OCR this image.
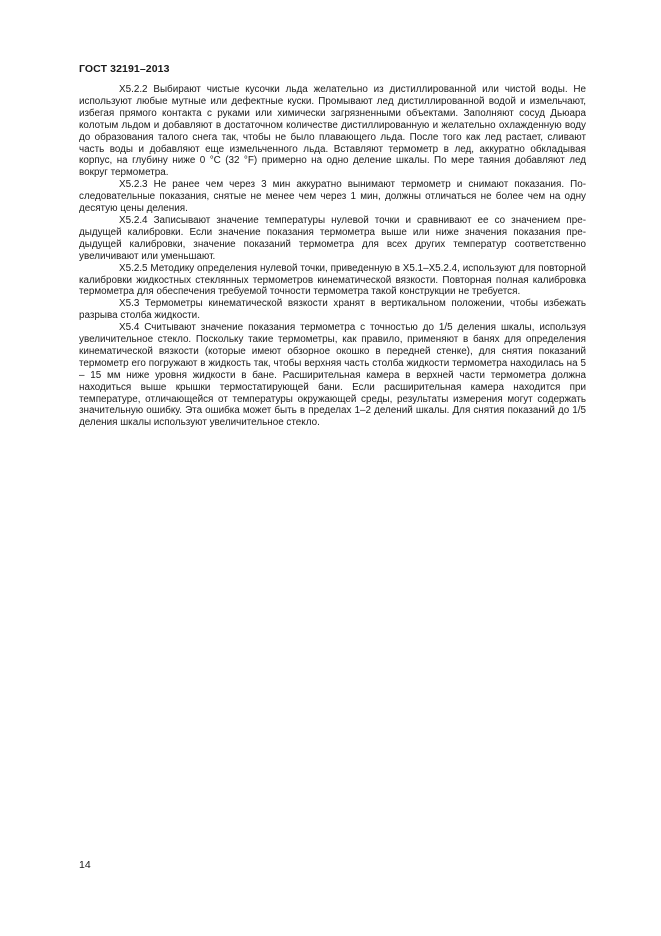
ГОСТ 32191–2013

X5.2.2 Выбирают чистые кусочки льда желательно из дистиллированной или чистой воды. Не используют любые мутные или дефектные куски. Промывают лед дистиллированной водой и измельчают, избегая прямого контакта с руками или химически загрязненными объектами. Заполняют сосуд Дьюара колотым льдом и добавляют в достаточном количестве дистиллированную и желательно охлажденную воду до образования талого снега так, чтобы не было плавающего льда. После того как лед растает, сливают часть воды и добавляют еще измельченного льда. Вставляют термометр в лед, аккуратно обкладывая корпус, на глубину ниже 0 °C (32 °F) примерно на одно деление шкалы. По мере таяния добавляют лед вокруг термометра.

X5.2.3 Не ранее чем через 3 мин аккуратно вынимают термометр и снимают показания. Последовательные показания, снятые не менее чем через 1 мин, должны отличаться не более чем на одну десятую цены деления.

X5.2.4 Записывают значение температуры нулевой точки и сравнивают ее со значением предыдущей калибровки. Если значение показания термометра выше или ниже значения показания предыдущей калибровки, значение показаний термометра для всех других температур соответственно увеличивают или уменьшают.

X5.2.5 Методику определения нулевой точки, приведенную в X5.1–X5.2.4, используют для повторной калибровки жидкостных стеклянных термометров кинематической вязкости. Повторная полная калибровка термометра для обеспечения требуемой точности термометра такой конструкции не требуется.

X5.3 Термометры кинематической вязкости хранят в вертикальном положении, чтобы избежать разрыва столба жидкости.

X5.4 Считывают значение показания термометра с точностью до 1/5 деления шкалы, используя увеличительное стекло. Поскольку такие термометры, как правило, применяют в банях для определения кинематической вязкости (которые имеют обзорное окошко в передней стенке), для снятия показаний термометр его погружают в жидкость так, чтобы верхняя часть столба жидкости термометра находилась на 5 – 15 мм ниже уровня жидкости в бане. Расширительная камера в верхней части термометра должна находиться выше крышки термостатирующей бани. Если расширительная камера находится при температуре, отличающейся от температуры окружающей среды, результаты измерения могут содержать значительную ошибку. Эта ошибка может быть в пределах 1–2 делений шкалы. Для снятия показаний до 1/5 деления шкалы используют увеличительное стекло.

14
